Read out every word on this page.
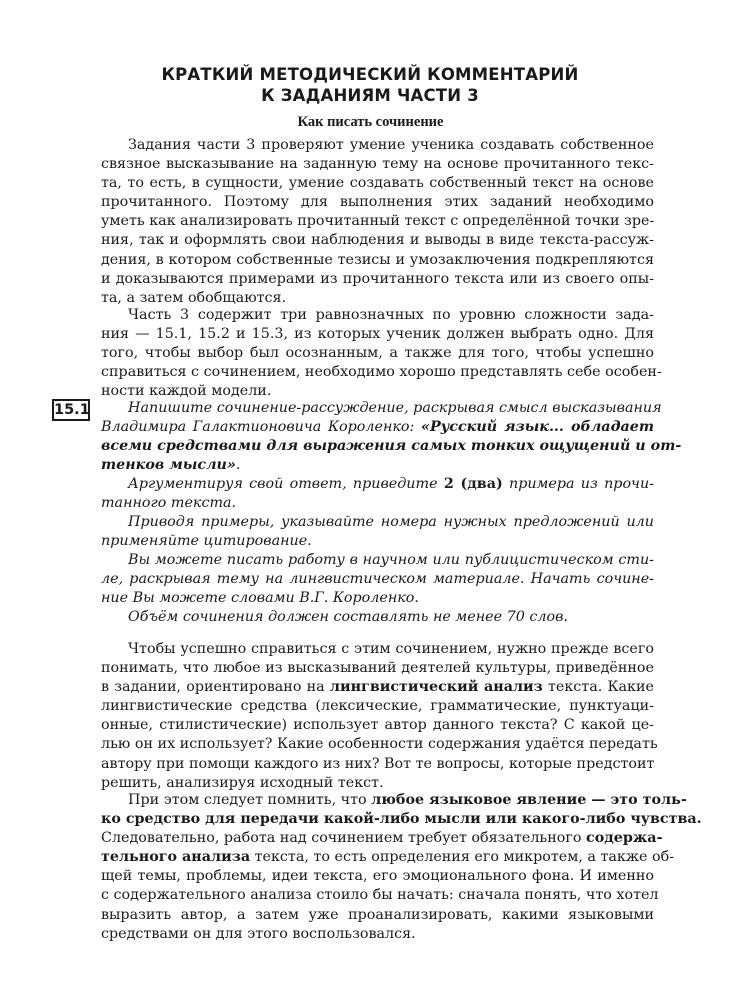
КРАТКИЙ МЕТОДИЧЕСКИЙ КОММЕНТАРИЙ
К ЗАДАНИЯМ ЧАСТИ 3
Как писать сочинение
Задания части 3 проверяют умение ученика создавать собственное
связное высказывание на заданную тему на основе прочитанного текс-
та, то есть, в сущности, умение создавать собственный текст на основе
прочитанного. Поэтому для выполнения этих заданий необходимо
уметь как анализировать прочитанный текст с определённой точки зре-
ния, так и оформлять свои наблюдения и выводы в виде текста-рассуж-
дения, в котором собственные тезисы и умозаключения подкрепляются
и доказываются примерами из прочитанного текста или из своего опы-
та, а затем обобщаются.
Часть 3 содержит три равнозначных по уровню сложности зада-
ния — 15.1, 15.2 и 15.3, из которых ученик должен выбрать одно. Для
того, чтобы выбор был осознанным, а также для того, чтобы успешно
справиться с сочинением, необходимо хорошо представлять себе особен-
ности каждой модели.
15.1	Напишите сочинение-рассуждение, раскрывая смысл высказывания
Владимира Галактионовича Короленко: «Русский язык... обладает
всеми средствами для выражения самых тонких ощущений и от-
тенков мысли».
Аргументируя свой ответ, приведите 2 (два) примера из прочи-
танного текста.
Приводя примеры, указывайте номера нужных предложений или
применяйте цитирование.
Вы можете писать работу в научном или публицистическом сти-
ле, раскрывая тему на лингвистическом материале. Начать сочине-
ние Вы можете словами В.Г. Короленко.
Объём сочинения должен составлять не менее 70 слов.
Чтобы успешно справиться с этим сочинением, нужно прежде всего
понимать, что любое из высказываний деятелей культуры, приведённое
в задании, ориентировано на лингвистический анализ текста. Какие
лингвистические средства (лексические, грамматические, пунктуаци-
онные, стилистические) использует автор данного текста? С какой це-
лью он их использует? Какие особенности содержания удаётся передать
автору при помощи каждого из них? Вот те вопросы, которые предстоит
решить, анализируя исходный текст.
При этом следует помнить, что любое языковое явление — это толь-
ко средство для передачи какой-либо мысли или какого-либо чувства.
Следовательно, работа над сочинением требует обязательного содержа-
тельного анализа текста, то есть определения его микротем, а также об-
щей темы, проблемы, идеи текста, его эмоционального фона. И именно
с содержательного анализа стоило бы начать: сначала понять, что хотел
выразить автор, а затем уже проанализировать, какими языковыми
средствами он для этого воспользовался.
